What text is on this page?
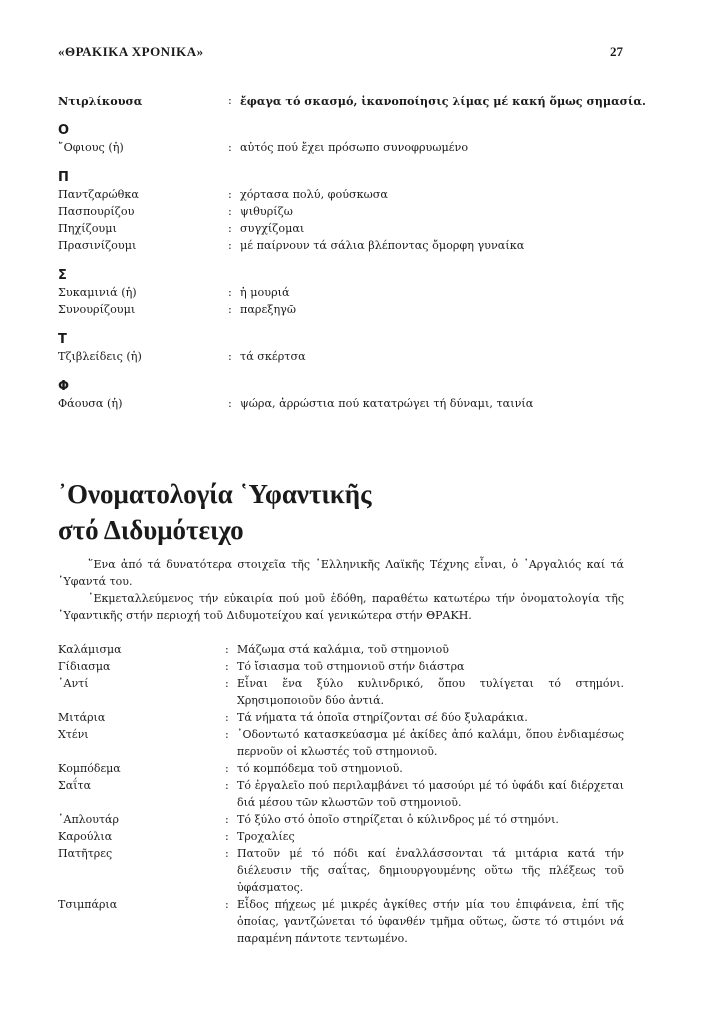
«ΘΡΑΚΙΚΑ ΧΡΟΝΙΚΑ»	27
Ντιρλίκουσα	: ἔφαγα τό σκασμό, ἱκανοποίησις λίμας μέ κακή ὅμως σημασία.
Ο
῎Οφιους (ἡ)	: αὐτός πού ἔχει πρόσωπο συνοφρυωμένο
Π
Παντζαρώθκα	: χόρτασα πολύ, φούσκωσα
Πασπουρίζου	: ψιθυρίζω
Πηχίζουμι	: συγχίζομαι
Πρασινίζουμι	: μέ παίρνουν τά σάλια βλέποντας ὄμορφη γυναίκα
Σ
Συκαμινιά (ἡ)	: ἡ μουριά
Συνουρίζουμι	: παρεξηγῶ
Τ
Τζιβλείδεις (ἡ)	: τά σκέρτσα
Φ
Φάουσα (ἡ)	: ψώρα, ἀρρώστια πού κατατρώγει τή δύναμι, ταινία
᾿Ονοματολογία ῾Υφαντικῆς
στό Διδυμότειχο

῞Ενα ἀπό τά δυνατότερα στοιχεῖα τῆς ῾Ελληνικῆς Λαϊκῆς Τέχνης εἶναι, ὁ ᾿Αργαλιός καί τά ῾Υφαντά του.

᾿Εκμεταλλεύμενος τήν εὐκαιρία πού μοῦ ἐδόθη, παραθέτω κατωτέρω τήν ὀνοματολογία τῆς ῾Υφαντικῆς στήν περιοχή τοῦ Διδυμοτείχου καί γενικώτερα στήν ΘΡΑΚΗ.

Καλάμισμα	: Μάζωμα στά καλάμια, τοῦ στημονιοῦ
Γίδιασμα	: Τό ἴσιασμα τοῦ στημονιοῦ στήν διάστρα
᾿Αντί	: Εἶναι ἕνα ξύλο κυλινδρικό, ὅπου τυλίγεται τό στημόνι. Χρησιμοποιοῦν δύο ἀντιά.
Μιτάρια	: Τά νήματα τά ὁποῖα στηρίζονται σέ δύο ξυλαράκια.
Χτένι	: ᾿Οδοντωτό κατασκεύασμα μέ ἀκίδες ἀπό καλάμι, ὅπου ἐνδιαμέσως περνοῦν οἱ κλωστές τοῦ στημονιοῦ.
Κομπόδεμα	: τό κομπόδεμα τοῦ στημονιοῦ.
Σαΐτα	: Τό ἐργαλεῖο πού περιλαμβάνει τό μασούρι μέ τό ὑφάδι καί διέρχεται διά μέσου τῶν κλωστῶν τοῦ στημονιοῦ.
᾿Απλουτάρ	: Τό ξύλο στό ὁποῖο στηρίζεται ὁ κύλινδρος μέ τό στημόνι.
Καρούλια	: Τροχαλίες
Πατῆτρες	: Πατοῦν μέ τό πόδι καί ἐναλλάσσονται τά μιτάρια κατά τήν διέλευσιν τῆς σαΐτας, δημιουργουμένης οὕτω τῆς πλέξεως τοῦ ὑφάσματος.
Τσιμπάρια	: Εἶδος πήχεως μέ μικρές ἀγκίθες στήν μία του ἐπιφάνεια, ἐπί τῆς ὁποίας, γαντζώνεται τό ὑφανθέν τμῆμα οὕτως, ὥστε τό στιμόνι νά παραμένη πάντοτε τεντωμένο.
